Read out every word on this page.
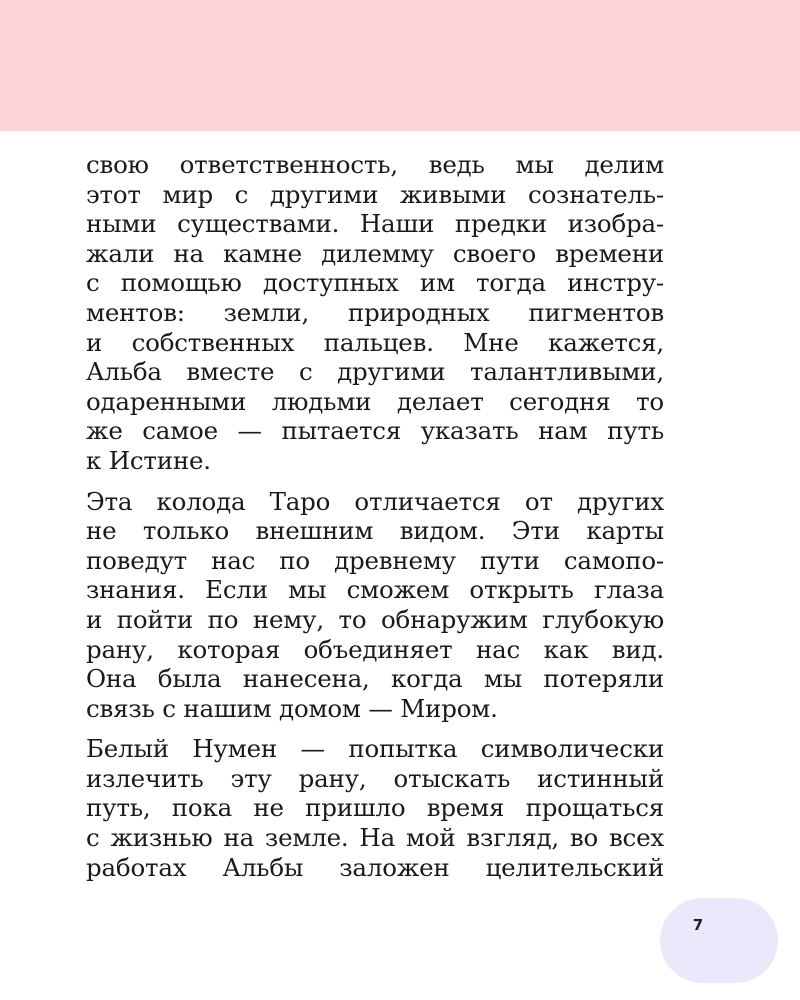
свою ответственность, ведь мы делим
этот мир с другими живыми сознатель-
ными существами. Наши предки изобра-
жали на камне дилемму своего времени
с помощью доступных им тогда инстру-
ментов: земли, природных пигментов
и собственных пальцев. Мне кажется,
Альба вместе с другими талантливыми,
одаренными людьми делает сегодня то
же самое — пытается указать нам путь
к Истине.

Эта колода Таро отличается от других
не только внешним видом. Эти карты
поведут нас по древнему пути самопо-
знания. Если мы сможем открыть глаза
и пойти по нему, то обнаружим глубокую
рану, которая объединяет нас как вид.
Она была нанесена, когда мы потеряли
связь с нашим домом — Миром.

Белый Нумен — попытка символически
излечить эту рану, отыскать истинный
путь, пока не пришло время прощаться
с жизнью на земле. На мой взгляд, во всех
работах Альбы заложен целительский

7
